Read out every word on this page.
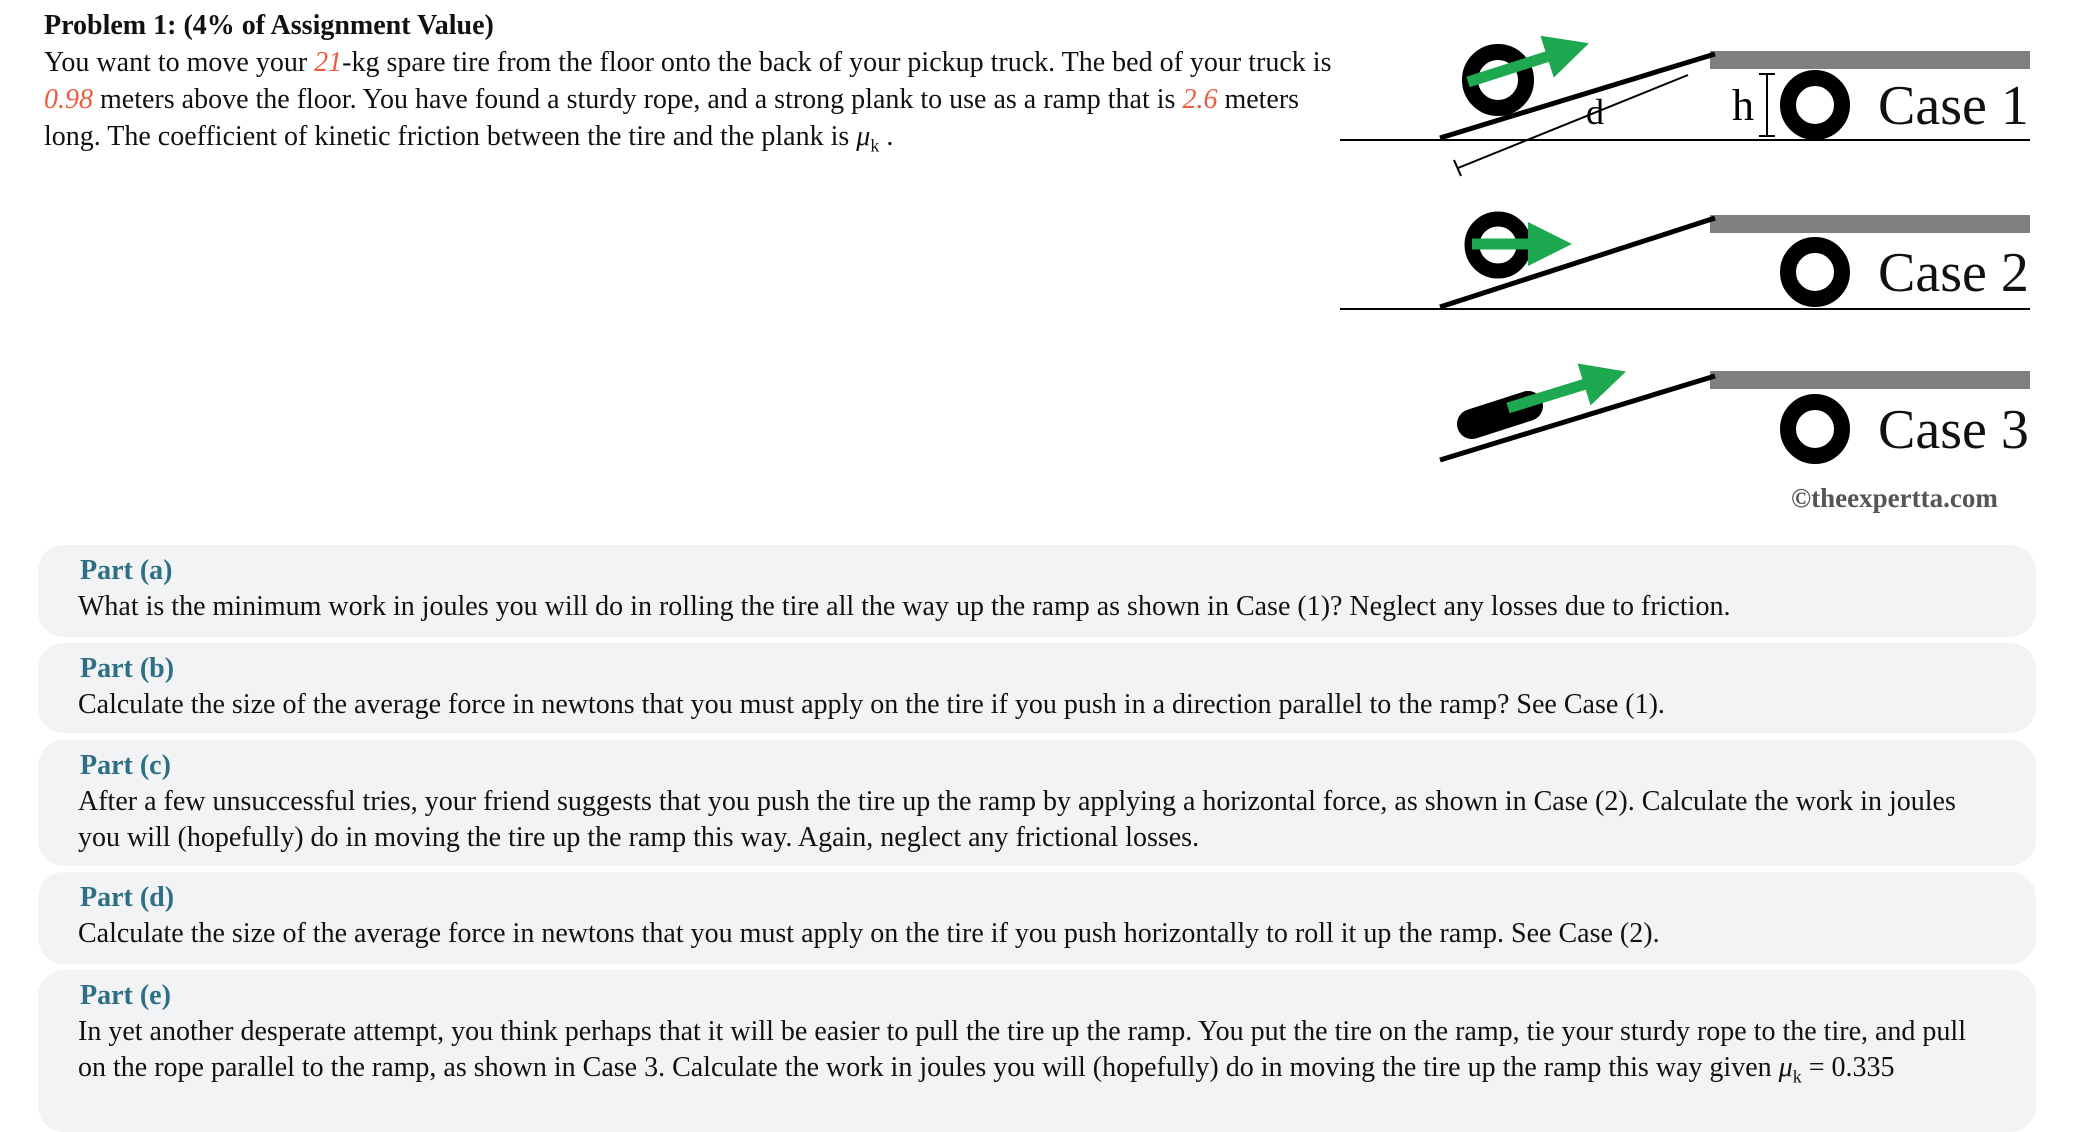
Problem 1: (4% of Assignment Value)
You want to move your 21-kg spare tire from the floor onto the back of your pickup truck. The bed of your truck is 0.98 meters above the floor. You have found a sturdy rope, and a strong plank to use as a ramp that is 2.6 meters long. The coefficient of kinetic friction between the tire and the plank is $\mu_k$ .
d	h Case 1
Case 2
Case 3
©theexpertta.com
Part (a)
What is the minimum work in joules you will do in rolling the tire all the way up the ramp as shown in Case (1)? Neglect any losses due to friction.
Part (b)
Calculate the size of the average force in newtons that you must apply on the tire if you push in a direction parallel to the ramp? See Case (1).
Part (c)
After a few unsuccessful tries, your friend suggests that you push the tire up the ramp by applying a horizontal force, as shown in Case (2). Calculate the work in joules you will (hopefully) do in moving the tire up the ramp this way. Again, neglect any frictional losses.
Part (d)
Calculate the size of the average force in newtons that you must apply on the tire if you push horizontally to roll it up the ramp. See Case (2).
Part (e)
In yet another desperate attempt, you think perhaps that it will be easier to pull the tire up the ramp. You put the tire on the ramp, tie your sturdy rope to the tire, and pull on the rope parallel to the ramp, as shown in Case 3. Calculate the work in joules you will (hopefully) do in moving the tire up the ramp this way given $\mu_k = 0.335$
